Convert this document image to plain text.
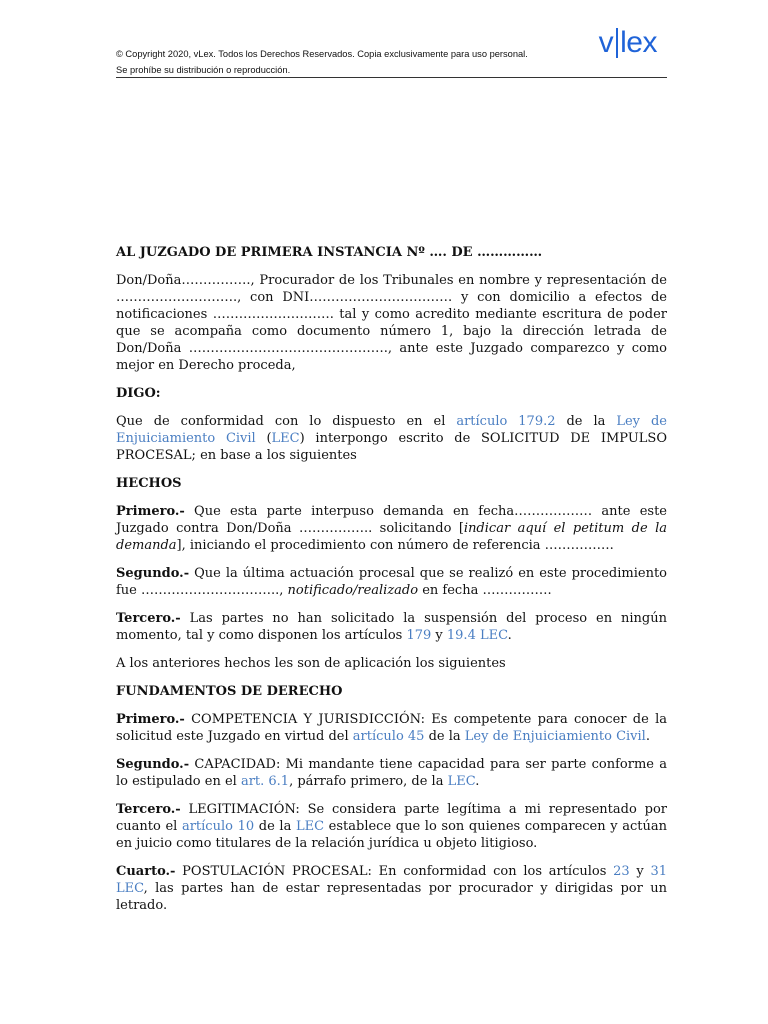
© Copyright 2020, vLex. Todos los Derechos Reservados. Copia exclusivamente para uso personal.
Se prohíbe su distribución o reproducción.
v lex
AL JUZGADO DE PRIMERA INSTANCIA Nº …. DE ……………

Don/Doña……………., Procurador de los Tribunales en nombre y representación de ………………………., con DNI…………………………… y con domicilio a efectos de notificaciones ………………………. tal y como acredito mediante escritura de poder que se acompaña como documento número 1, bajo la dirección letrada de Don/Doña ………………………………………., ante este Juzgado comparezco y como mejor en Derecho proceda,

DIGO:

Que de conformidad con lo dispuesto en el artículo 179.2 de la Ley de Enjuiciamiento Civil (LEC) interpongo escrito de SOLICITUD DE IMPULSO PROCESAL; en base a los siguientes

HECHOS

Primero.- Que esta parte interpuso demanda en fecha……………… ante este Juzgado contra Don/Doña …………….. solicitando [indicar aquí el petitum de la demanda], iniciando el procedimiento con número de referencia …………….

Segundo.- Que la última actuación procesal que se realizó en este procedimiento fue ………………………….., notificado/realizado en fecha …………….

Tercero.- Las partes no han solicitado la suspensión del proceso en ningún momento, tal y como disponen los artículos 179 y 19.4 LEC.

A los anteriores hechos les son de aplicación los siguientes

FUNDAMENTOS DE DERECHO

Primero.- COMPETENCIA Y JURISDICCIÓN: Es competente para conocer de la solicitud este Juzgado en virtud del artículo 45 de la Ley de Enjuiciamiento Civil.

Segundo.- CAPACIDAD: Mi mandante tiene capacidad para ser parte conforme a lo estipulado en el art. 6.1, párrafo primero, de la LEC.

Tercero.- LEGITIMACIÓN: Se considera parte legítima a mi representado por cuanto el artículo 10 de la LEC establece que lo son quienes comparecen y actúan en juicio como titulares de la relación jurídica u objeto litigioso.

Cuarto.- POSTULACIÓN PROCESAL: En conformidad con los artículos 23 y 31 LEC, las partes han de estar representadas por procurador y dirigidas por un letrado.
